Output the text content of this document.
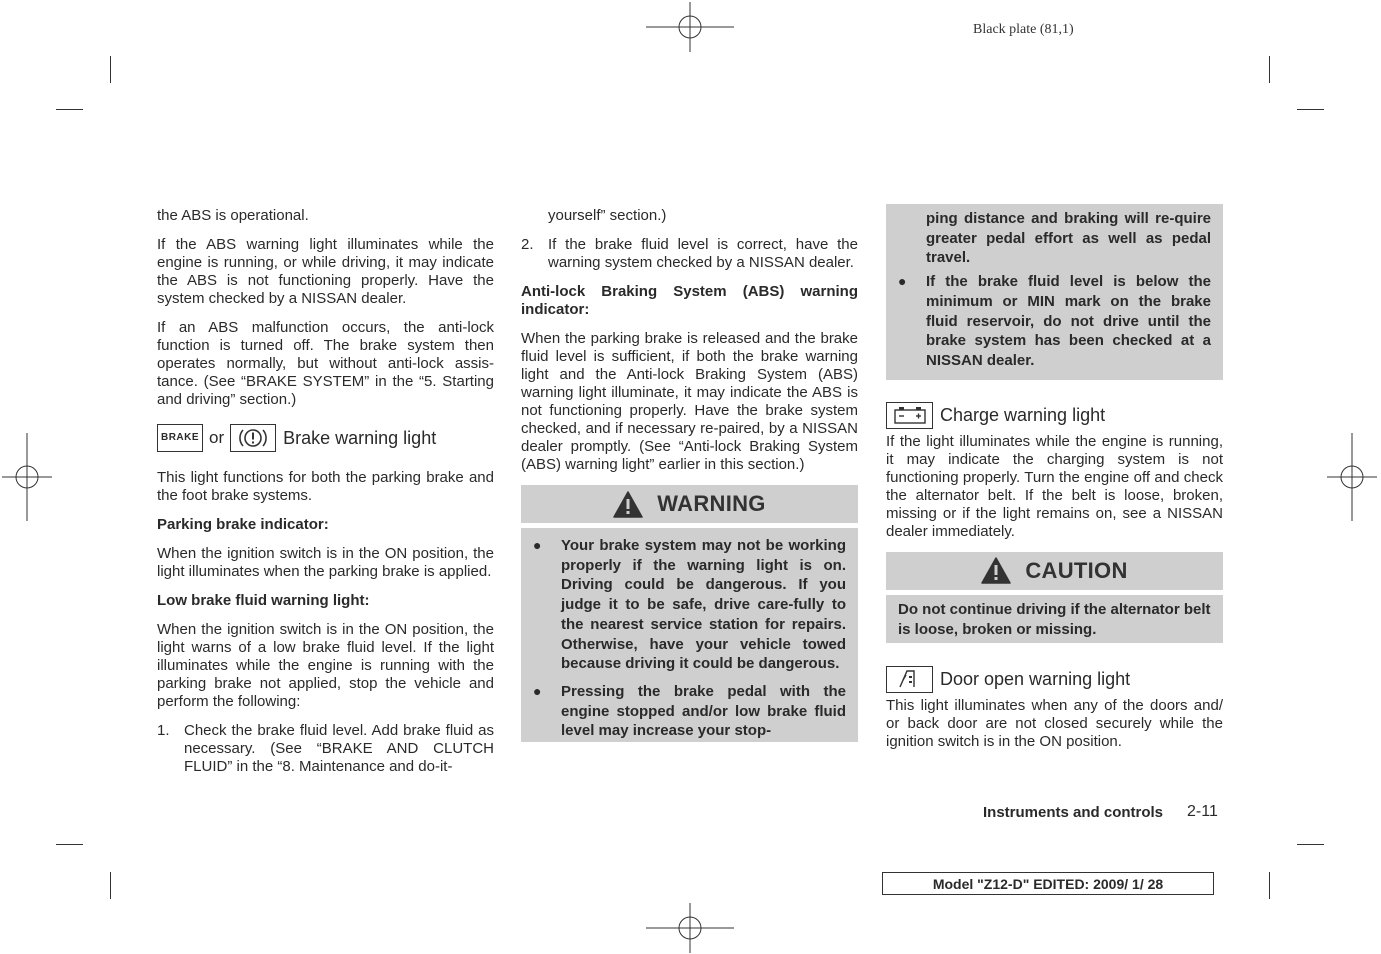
Black plate (81,1)

the ABS is operational.

If the ABS warning light illuminates while the engine is running, or while driving, it may indicate the ABS is not functioning properly. Have the system checked by a NISSAN dealer.

If an ABS malfunction occurs, the anti-lock function is turned off. The brake system then operates normally, but without anti-lock assis-tance. (See “BRAKE SYSTEM” in the “5. Starting and driving” section.)

BRAKE or	Brake warning light

This light functions for both the parking brake and the foot brake systems.

Parking brake indicator:

When the ignition switch is in the ON position, the light illuminates when the parking brake is applied.

Low brake fluid warning light:

When the ignition switch is in the ON position, the light warns of a low brake fluid level. If the light illuminates while the engine is running with the parking brake not applied, stop the vehicle and perform the following:

1. Check the brake fluid level. Add brake fluid as necessary. (See “BRAKE AND CLUTCH FLUID” in the “8. Maintenance and do-it-
yourself” section.)
2. If the brake fluid level is correct, have the warning system checked by a NISSAN dealer.

Anti-lock Braking System (ABS) warning indicator:

When the parking brake is released and the brake fluid level is sufficient, if both the brake warning light and the Anti-lock Braking System (ABS) warning light illuminate, it may indicate the ABS is not functioning properly. Have the brake system checked, and if necessary re-paired, by a NISSAN dealer promptly. (See “Anti-lock Braking System (ABS) warning light” earlier in this section.)

WARNING
● Your brake system may not be working properly if the warning light is on. Driving could be dangerous. If you judge it to be safe, drive care-fully to the nearest service station for repairs. Otherwise, have your vehicle towed because driving it could be dangerous.
● Pressing the brake pedal with the engine stopped and/or low brake fluid level may increase your stop-
ping distance and braking will re-quire greater pedal effort as well as pedal travel.
● If the brake fluid level is below the minimum or MIN mark on the brake fluid reservoir, do not drive until the brake system has been checked at a NISSAN dealer.
Charge warning light

If the light illuminates while the engine is running, it may indicate the charging system is not functioning properly. Turn the engine off and check the alternator belt. If the belt is loose, broken, missing or if the light remains on, see a NISSAN dealer immediately.

CAUTION
Do not continue driving if the alternator belt is loose, broken or missing.
Door open warning light

This light illuminates when any of the doors and/ or back door are not closed securely while the ignition switch is in the ON position.

Instruments and controls 2-11
Model "Z12-D" EDITED: 2009/ 1/ 28
